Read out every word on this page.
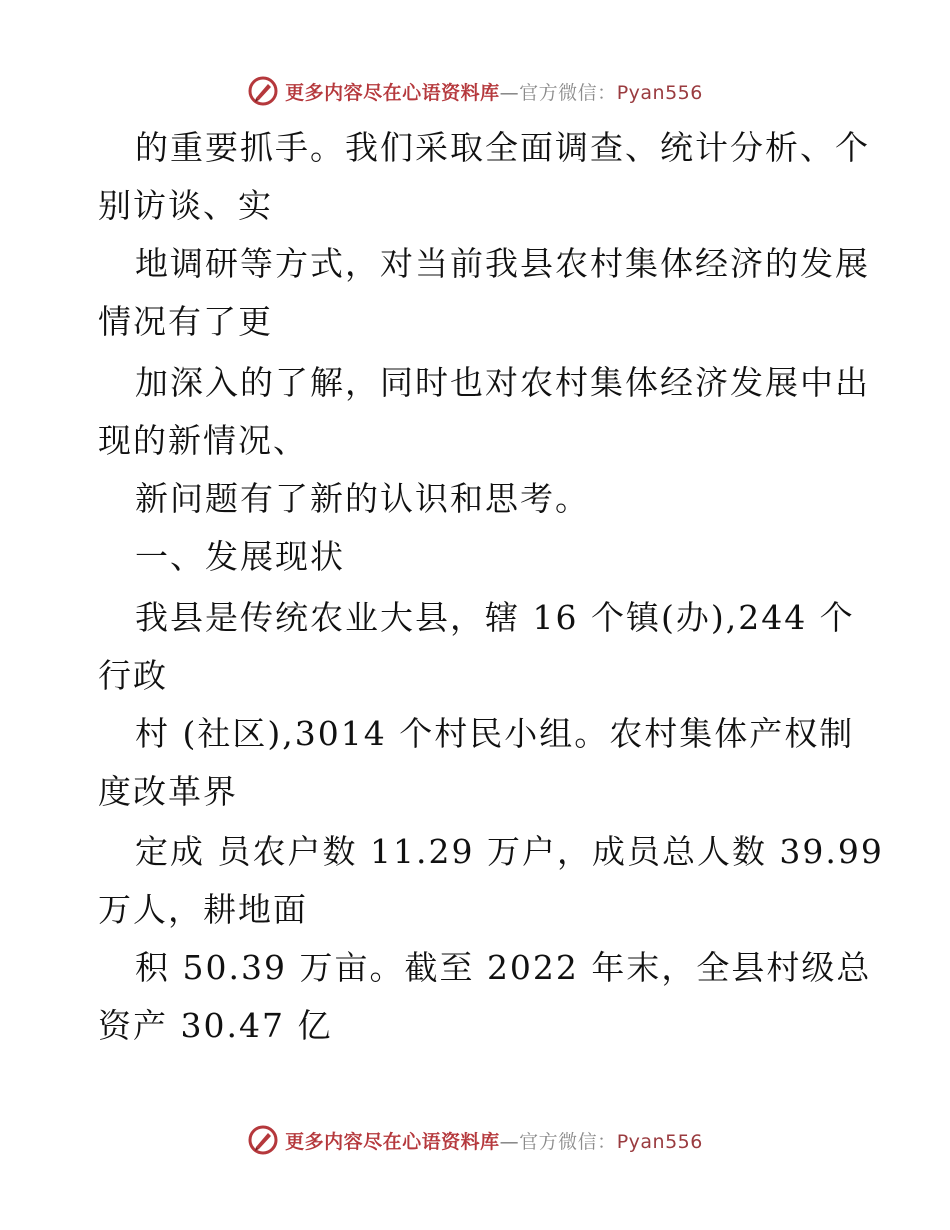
更多内容尽在心语资料库—官方微信：Pyan556
的重要抓手。我们采取全面调查、统计分析、个
别访谈、实
地调研等方式，对当前我县农村集体经济的发展
情况有了更
加深入的了解，同时也对农村集体经济发展中出
现的新情况、
新问题有了新的认识和思考。
一、发展现状
我县是传统农业大县，辖 16 个镇(办),244 个
行政
村 (社区),3014 个村民小组。农村集体产权制
度改革界
定成 员农户数 11.29 万户，成员总人数 39.99
万人，耕地面
积 50.39 万亩。截至 2022 年末，全县村级总
资产 30.47 亿
更多内容尽在心语资料库—官方微信：Pyan556
